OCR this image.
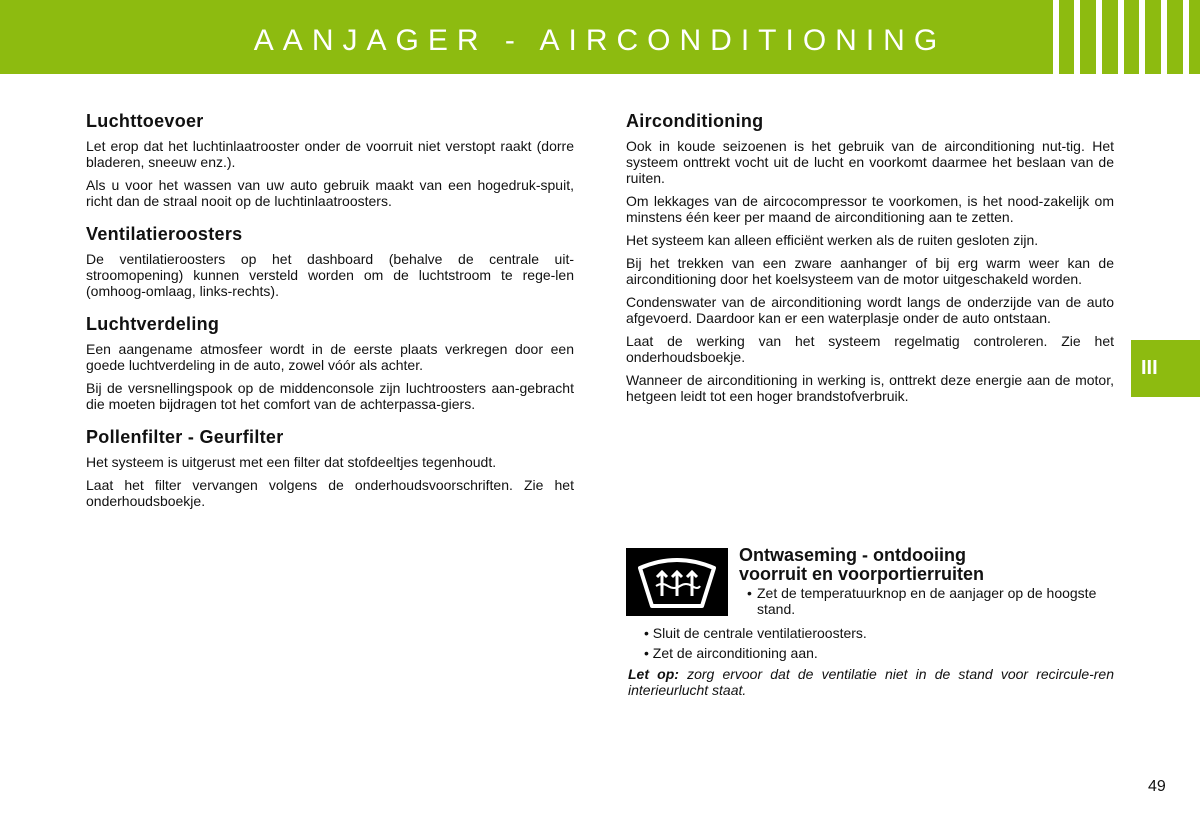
AANJAGER - AIRCONDITIONING
Luchttoevoer

Let erop dat het luchtinlaatrooster onder de voorruit niet verstopt raakt (dorre bladeren, sneeuw enz.).

Als u voor het wassen van uw auto gebruik maakt van een hogedruk-spuit, richt dan de straal nooit op de luchtinlaatroosters.

Ventilatieroosters

De ventilatieroosters op het dashboard (behalve de centrale uit-stroomopening) kunnen versteld worden om de luchtstroom te rege-len (omhoog-omlaag, links-rechts).

Luchtverdeling

Een aangename atmosfeer wordt in de eerste plaats verkregen door een goede luchtverdeling in de auto, zowel vóór als achter.

Bij de versnellingspook op de middenconsole zijn luchtroosters aan-gebracht die moeten bijdragen tot het comfort van de achterpassa-giers.

Pollenfilter - Geurfilter

Het systeem is uitgerust met een filter dat stofdeeltjes tegenhoudt.

Laat het filter vervangen volgens de onderhoudsvoorschriften. Zie het onderhoudsboekje.

Airconditioning

Ook in koude seizoenen is het gebruik van de airconditioning nut-tig. Het systeem onttrekt vocht uit de lucht en voorkomt daarmee het beslaan van de ruiten.

Om lekkages van de aircocompressor te voorkomen, is het nood-zakelijk om minstens één keer per maand de airconditioning aan te zetten.

Het systeem kan alleen efficiënt werken als de ruiten gesloten zijn.

Bij het trekken van een zware aanhanger of bij erg warm weer kan de airconditioning door het koelsysteem van de motor uitgeschakeld worden.

Condenswater van de airconditioning wordt langs de onderzijde van de auto afgevoerd. Daardoor kan er een waterplasje onder de auto ontstaan.

Laat de werking van het systeem regelmatig controleren. Zie het onderhoudsboekje.

Wanneer de airconditioning in werking is, onttrekt deze energie aan de motor, hetgeen leidt tot een hoger brandstofverbruik.

III
Ontwaseming - ontdooiing
voorruit en voorportierruiten
• Zet de temperatuurknop en de aanjager op de hoogste stand.
• Sluit de centrale ventilatieroosters.
• Zet de airconditioning aan.
Let op: zorg ervoor dat de ventilatie niet in de stand voor recircule-ren interieurlucht staat.
49
